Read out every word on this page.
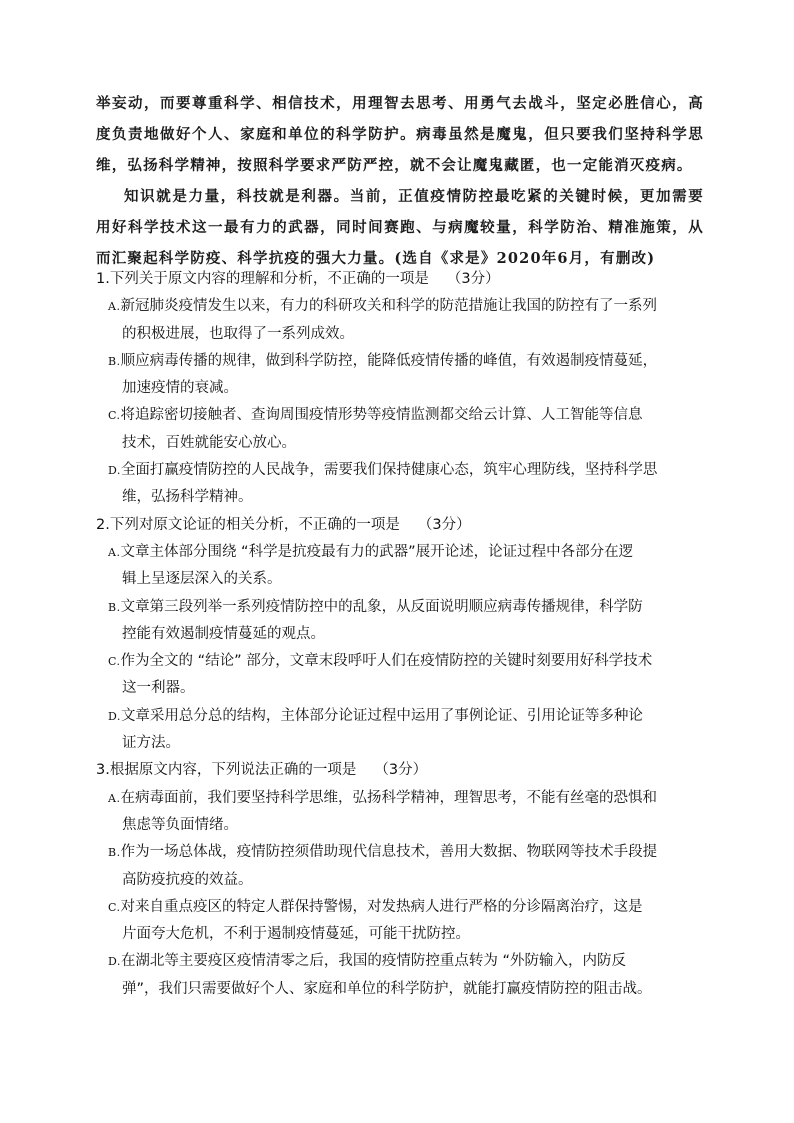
举妄动，而要尊重科学、相信技术，用理智去思考、用勇气去战斗，坚定必胜信心，高度负责地做好个人、家庭和单位的科学防护。病毒虽然是魔鬼，但只要我们坚持科学思维，弘扬科学精神，按照科学要求严防严控，就不会让魔鬼藏匿，也一定能消灭疫病。

知识就是力量，科技就是利器。当前，正值疫情防控最吃紧的关键时候，更加需要用好科学技术这一最有力的武器，同时间赛跑、与病魔较量，科学防治、精准施策，从而汇聚起科学防疫、科学抗疫的强大力量。(选自《求是》2020年6月，有删改)

1.下列关于原文内容的理解和分析，不正确的一项是 （3分）

A.新冠肺炎疫情发生以来，有力的科研攻关和科学的防范措施让我国的防控有了一系列
的积极进展，也取得了一系列成效。
B.顺应病毒传播的规律，做到科学防控，能降低疫情传播的峰值，有效遏制疫情蔓延，
加速疫情的衰减。
C.将追踪密切接触者、查询周围疫情形势等疫情监测都交给云计算、人工智能等信息
技术，百姓就能安心放心。
D.全面打赢疫情防控的人民战争，需要我们保持健康心态，筑牢心理防线，坚持科学思
维，弘扬科学精神。

2.下列对原文论证的相关分析，不正确的一项是 （3分）

A.文章主体部分围绕 “科学是抗疫最有力的武器”展开论述，论证过程中各部分在逻
辑上呈逐层深入的关系。
B.文章第三段列举一系列疫情防控中的乱象，从反面说明顺应病毒传播规律，科学防
控能有效遏制疫情蔓延的观点。
C.作为全文的 “结论” 部分，文章末段呼吁人们在疫情防控的关键时刻要用好科学技术
这一利器。
D.文章采用总分总的结构，主体部分论证过程中运用了事例论证、引用论证等多种论
证方法。

3.根据原文内容，下列说法正确的一项是 （3分）

A.在病毒面前，我们要坚持科学思维，弘扬科学精神，理智思考，不能有丝毫的恐惧和
焦虑等负面情绪。
B.作为一场总体战，疫情防控须借助现代信息技术，善用大数据、物联网等技术手段提
高防疫抗疫的效益。
C.对来自重点疫区的特定人群保持警惕，对发热病人进行严格的分诊隔离治疗，这是
片面夸大危机，不利于遏制疫情蔓延，可能干扰防控。
D.在湖北等主要疫区疫情清零之后，我国的疫情防控重点转为 “外防输入，内防反
弹”，我们只需要做好个人、家庭和单位的科学防护，就能打赢疫情防控的阻击战。
